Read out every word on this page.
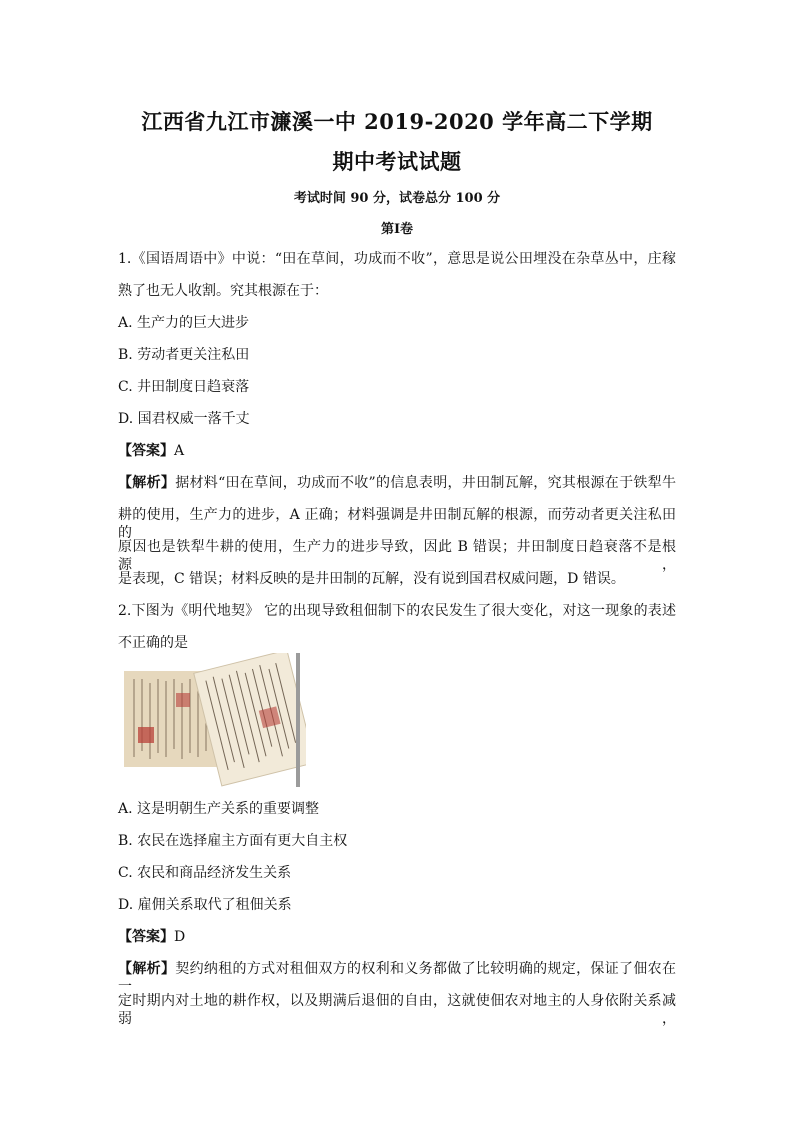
江西省九江市濂溪一中 2019-2020 学年高二下学期
期中考试试题
考试时间 90 分，试卷总分 100 分
第Ⅰ卷
1.《国语周语中》中说：“田在草间，功成而不收”，意思是说公田埋没在杂草丛中，庄稼
熟了也无人收割。究其根源在于：
A. 生产力的巨大进步
B. 劳动者更关注私田
C. 井田制度日趋衰落
D. 国君权威一落千丈
【答案】A
【解析】据材料“田在草间，功成而不收”的信息表明，井田制瓦解，究其根源在于铁犁牛
耕的使用，生产力的进步，A 正确；材料强调是井田制瓦解的根源，而劳动者更关注私田的
原因也是铁犁牛耕的使用，生产力的进步导致，因此 B 错误；井田制度日趋衰落不是根源，
是表现，C 错误；材料反映的是井田制的瓦解，没有说到国君权威问题，D 错误。
2.下图为《明代地契》 它的出现导致租佃制下的农民发生了很大变化，对这一现象的表述
不正确的是
A. 这是明朝生产关系的重要调整
B. 农民在选择雇主方面有更大自主权
C. 农民和商品经济发生关系
D. 雇佣关系取代了租佃关系
【答案】D
【解析】契约纳租的方式对租佃双方的权利和义务都做了比较明确的规定，保证了佃农在一
定时期内对土地的耕作权，以及期满后退佃的自由，这就使佃农对地主的人身依附关系减弱，
